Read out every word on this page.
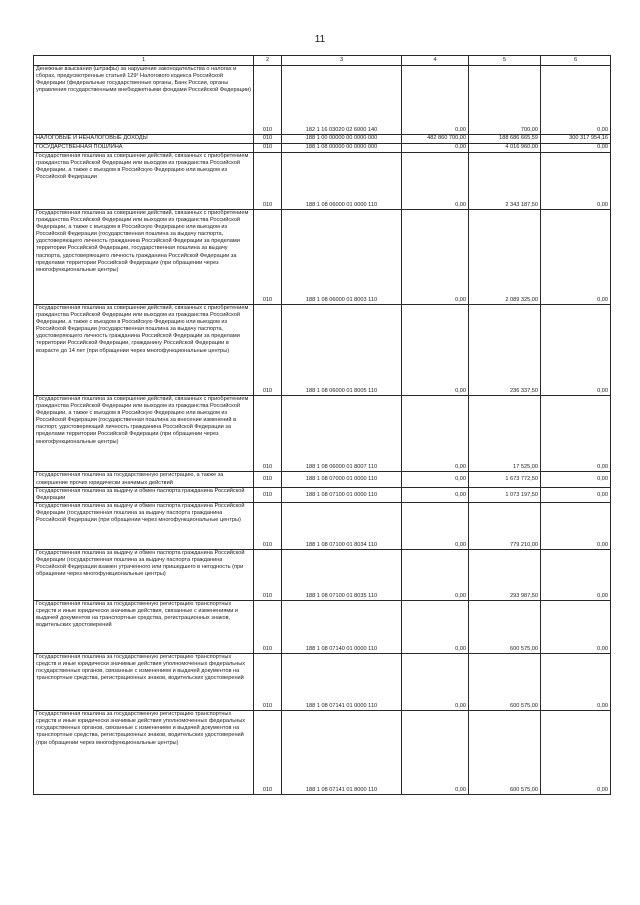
11
1	2	3	4	5	6
Денежные взыскания (штрафы) за нарушение законодательства о налогах и сборах, предусмотренные статьей 129² Налогового кодекса Российской Федерации (федеральные государственные органы, Банк России, органы управления государственными внебюджетными фондами Российской Федерации)	010	182 1 16 03020 02 6000 140	0,00	700,00	0,00
НАЛОГОВЫЕ И НЕНАЛОГОВЫЕ ДОХОДЫ	010	188 1 00 00000 00 0000 000	482 860 700,00	188 686 665,59	300 317 954,16
ГОСУДАРСТВЕННАЯ ПОШЛИНА	010	188 1 08 00000 00 0000 000	0,00	4 016 960,00	0,00
Государственная пошлина за совершение действий, связанных с приобретением гражданства Российской Федерации или выходом из гражданства Российской Федерации, а также с въездом в Российскую Федерацию или выездом из Российской Федерации	010	188 1 08 06000 01 0000 110	0,00	2 343 187,50	0,00
Государственная пошлина за совершение действий, связанных с приобретением гражданства Российской Федерации или выходом из гражданства Российской Федерации, а также с въездом в Российскую Федерацию или выездом из Российской Федерации (государственная пошлина за выдачу паспорта, удостоверяющего личность гражданина Российской Федерации за пределами территории Российской Федерации, государственная пошлина за выдачу паспорта, удостоверяющего личность гражданина Российской Федерации за пределами территории Российской Федерации (при обращении через многофункциональные центры)	010	188 1 08 06000 01 8003 110	0,00	2 089 325,00	0,00
Государственная пошлина за совершение действий, связанных с приобретением гражданства Российской Федерации или выходом из гражданства Российской Федерации, а также с въездом в Российскую Федерацию или выездом из Российской Федерации (государственная пошлина за выдачу паспорта, удостоверяющего личность гражданина Российской Федерации за пределами территории Российской Федерации, гражданину Российской Федерации в возрасте до 14 лет (при обращении через многофункциональные центры)	010	188 1 08 06000 01 8005 110	0,00	236 337,50	0,00
Государственная пошлина за совершение действий, связанных с приобретением гражданства Российской Федерации или выходом из гражданства Российской Федерации, а также с въездом в Российскую Федерацию или выездом из Российской Федерации (государственная пошлина за внесение изменений в паспорт, удостоверяющий личность гражданина Российской Федерации за пределами территории Российской Федерации (при обращении через многофункциональные центры)	010	188 1 08 06000 01 8007 110	0,00	17 525,00	0,00
Государственная пошлина за государственную регистрацию, а также за совершение прочих юридически значимых действий	010	188 1 08 07000 01 0000 110	0,00	1 673 772,50	0,00
Государственная пошлина за выдачу и обмен паспорта гражданина Российской Федерации	010	188 1 08 07100 01 0000 110	0,00	1 073 197,50	0,00
Государственная пошлина за выдачу и обмен паспорта гражданина Российской Федерации (государственная пошлина за выдачу паспорта гражданина Российской Федерации (при обращении через многофункциональные центры)	010	188 1 08 07100 01 8034 110	0,00	779 210,00	0,00
Государственная пошлина за выдачу и обмен паспорта гражданина Российской Федерации (государственная пошлина за выдачу паспорта гражданина Российской Федерации взамен утраченного или пришедшего в негодность (при обращении через многофункциональные центры)	010	188 1 08 07100 01 8035 110	0,00	293 987,50	0,00
Государственная пошлина за государственную регистрацию транспортных средств и иные юридически значимые действия, связанные с изменениями и выдачей документов на транспортные средства, регистрационных знаков, водительских удостоверений	010	188 1 08 07140 01 0000 110	0,00	600 575,00	0,00
Государственная пошлина за государственную регистрацию транспортных средств и иные юридически значимые действия уполномоченных федеральных государственных органов, связанные с изменением и выдачей документов на транспортные средства, регистрационных знаков, водительских удостоверений	010	188 1 08 07141 01 0000 110	0,00	600 575,00	0,00
Государственная пошлина за государственную регистрацию транспортных средств и иные юридически значимые действия уполномоченных федеральных государственных органов, связанные с изменением и выдачей документов на транспортные средства, регистрационных знаков, водительских удостоверений (при обращении через многофункциональные центры)	010	188 1 08 07141 01 8000 110	0,00	600 575,00	0,00
